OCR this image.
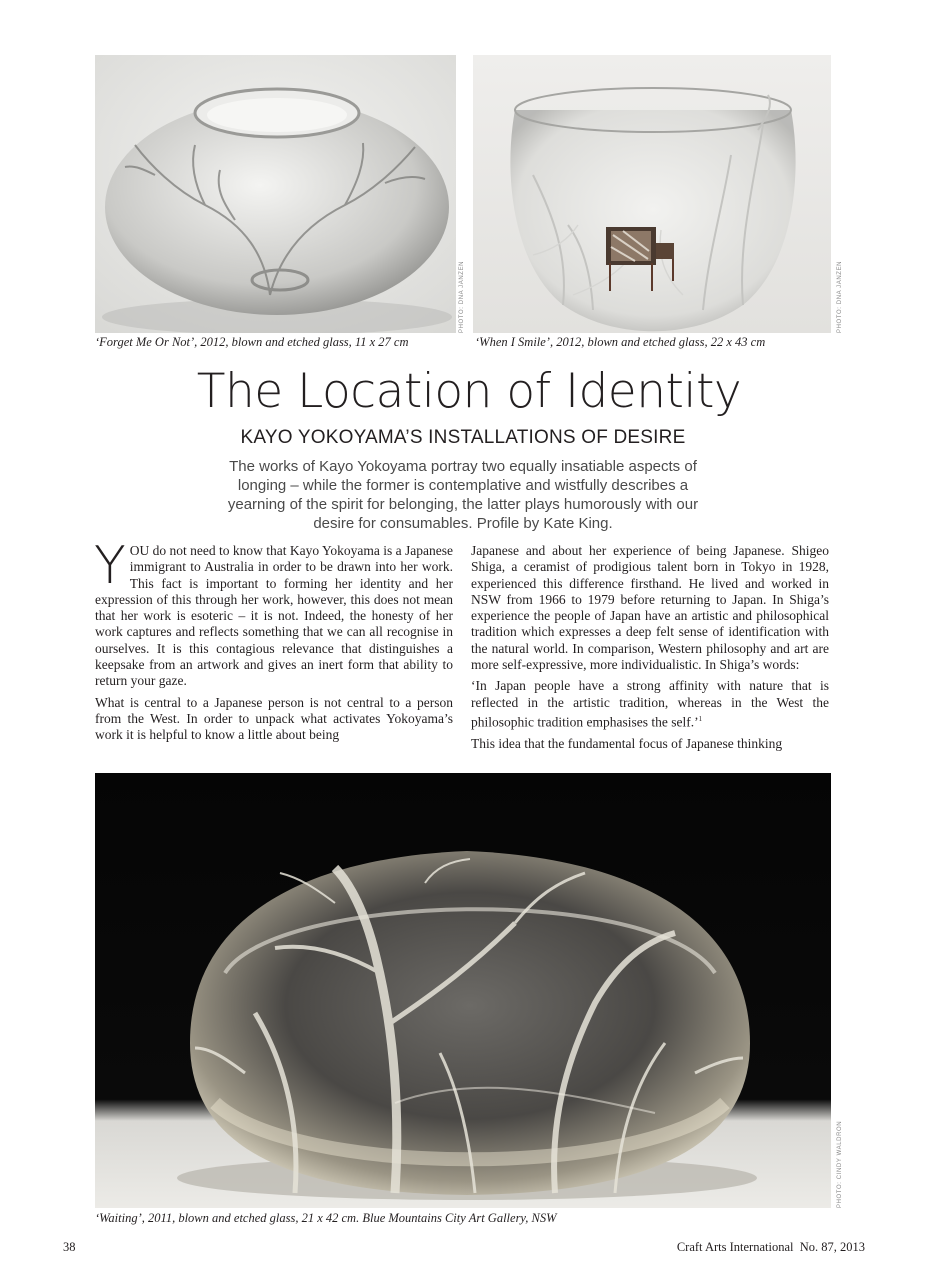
PHOTO: DNA JANZEN	PHOTO: DNA JANZEN
‘Forget Me Or Not’, 2012, blown and etched glass, 11 x 27 cm	‘When I Smile’, 2012, blown and etched glass, 22 x 43 cm
The Location of Identity
KAYO YOKOYAMA’S INSTALLATIONS OF DESIRE
The works of Kayo Yokoyama portray two equally insatiable aspects of longing – while the former is contemplative and wistfully describes a yearning of the spirit for belonging, the latter plays humorously with our desire for consumables. Profile by Kate King.

YOU do not need to know that Kayo Yokoyama is a Japanese immigrant to Australia in order to be drawn into her work. This fact is important to forming her identity and her expression of this through her work, however, this does not mean that her work is esoteric – it is not. Indeed, the honesty of her work captures and reflects something that we can all recognise in ourselves. It is this contagious relevance that distinguishes a keepsake from an artwork and gives an inert form that ability to return your gaze.

What is central to a Japanese person is not central to a person from the West. In order to unpack what activates Yokoyama’s work it is helpful to know a little about being

Japanese and about her experience of being Japanese. Shigeo Shiga, a ceramist of prodigious talent born in Tokyo in 1928, experienced this difference firsthand. He lived and worked in NSW from 1966 to 1979 before returning to Japan. In Shiga’s experience the people of Japan have an artistic and philosophical tradition which expresses a deep felt sense of identification with the natural world. In comparison, Western philosophy and art are more self-expressive, more individualistic. In Shiga’s words:

‘In Japan people have a strong affinity with nature that is reflected in the artistic tradition, whereas in the West the philosophic tradition emphasises the self.’$^1$

This idea that the fundamental focus of Japanese thinking

PHOTO: CINDY WALDRON
‘Waiting’, 2011, blown and etched glass, 21 x 42 cm. Blue Mountains City Art Gallery, NSW
38	Craft Arts International  No. 87, 2013
